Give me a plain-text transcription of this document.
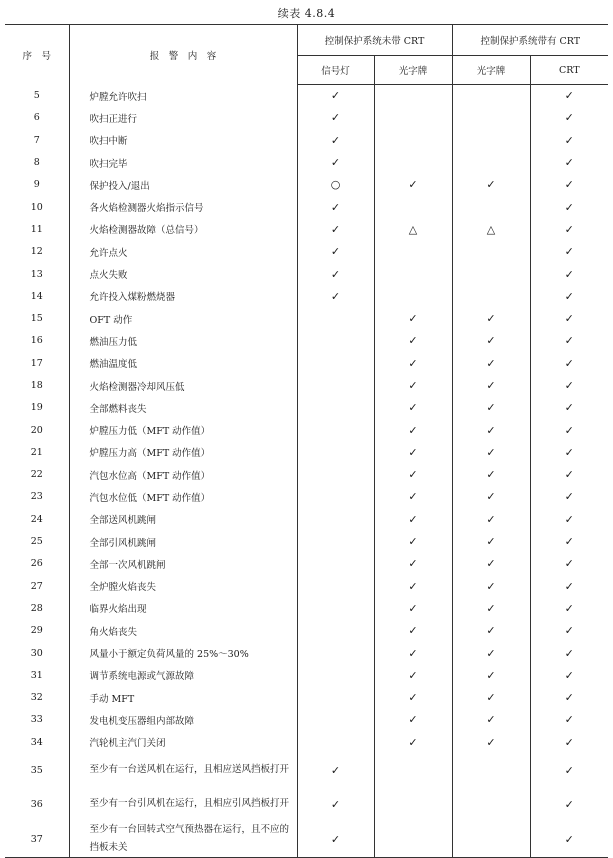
续表 4.8.4
序　号	报　警　内　容	控制保护系统未带 CRT		控制保护系统带有 CRT	
		信号灯	光字牌	光字牌	CRT
5	炉膛允许吹扫	✓			✓
6	吹扫正进行	✓			✓
7	吹扫中断	✓			✓
8	吹扫完毕	✓			✓
9	保护投入/退出	○	✓	✓	✓
10	各火焰检测器火焰指示信号	✓			✓
11	火焰检测器故障（总信号）	✓	△	△	✓
12	允许点火	✓			✓
13	点火失败	✓			✓
14	允许投入煤粉燃烧器	✓			✓
15	OFT 动作		✓	✓	✓
16	燃油压力低		✓	✓	✓
17	燃油温度低		✓	✓	✓
18	火焰检测器冷却风压低		✓	✓	✓
19	全部燃料丧失		✓	✓	✓
20	炉膛压力低（MFT 动作值）		✓	✓	✓
21	炉膛压力高（MFT 动作值）		✓	✓	✓
22	汽包水位高（MFT 动作值）		✓	✓	✓
23	汽包水位低（MFT 动作值）		✓	✓	✓
24	全部送风机跳闸		✓	✓	✓
25	全部引风机跳闸		✓	✓	✓
26	全部一次风机跳闸		✓	✓	✓
27	全炉膛火焰丧失		✓	✓	✓
28	临界火焰出现		✓	✓	✓
29	角火焰丧失		✓	✓	✓
30	风量小于额定负荷风量的 25%～30%		✓	✓	✓
31	调节系统电源或气源故障		✓	✓	✓
32	手动 MFT		✓	✓	✓
33	发电机变压器组内部故障		✓	✓	✓
34	汽轮机主汽门关闭		✓	✓	✓
35	至少有一台送风机在运行，且相应送风挡板打开	✓			✓
36	至少有一台引风机在运行，且相应引风挡板打开	✓			✓
37	至少有一台回转式空气预热器在运行，且不应的挡板未关	✓			✓
